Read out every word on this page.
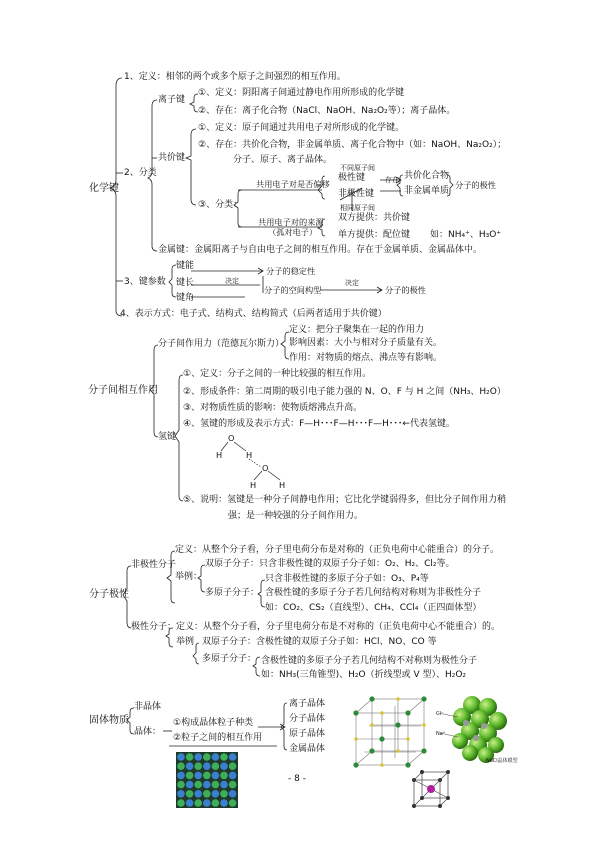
化学键
1、定义：相邻的两个或多个原子之间强烈的相互作用。
2、分类
离子键
①、定义：阴阳离子间通过静电作用所形成的化学键
②、存在：离子化合物（NaCl、NaOH、Na₂O₂等）；离子晶体。
共价键
①、定义：原子间通过共用电子对所形成的化学键。
②、存在：共价化合物，非金属单质、离子化合物中（如：NaOH、Na₂O₂）；
分子、原子、离子晶体。
③、分类：
共用电子对是否偏移
不同原子间
极性键
非极性键
存在 共价化合物
非金属单质
分子的极性
相同原子间
共用电子对的来源
（孤对电子）
双方提供：共价键
单方提供：配位键 如：NH₄⁺、H₃O⁺
金属键：金属阳离子与自由电子之间的相互作用。存在于金属单质、金属晶体中。
3、键参数
键能
键长
键角
决定	决定
分子的稳定性
分子的空间构型	分子的极性
4、表示方式：电子式、结构式、结构简式（后两者适用于共价键）
分子间相互作用
分子间作用力（范德瓦尔斯力）
定义：把分子聚集在一起的作用力
影响因素：大小与相对分子质量有关。
作用：对物质的熔点、沸点等有影响。
氢键
①、定义：分子之间的一种比较强的相互作用。
②、形成条件：第二周期的吸引电子能力强的 N、O、F 与 H 之间（NH₃、H₂O）
③、对物质性质的影响：使物质熔沸点升高。
④、氢键的形成及表示方式：F—H･･･F—H･･･F—H･･･←代表氢键。
⑤、说明：氢键是一种分子间静电作用；它比化学键弱得多，但比分子间作用力稍
强；是一种较强的分子间作用力。
O
H	H
O
H	H
分子极性
非极性分子
定义：从整个分子看，分子里电荷分布是对称的（正负电荷中心能重合）的分子。
举例：
双原子分子：只含非极性键的双原子分子如：O₂、H₂、Cl₂等。
多原子分子：
只含非极性键的多原子分子如：O₃、P₄等
含极性键的多原子分子若几何结构对称则为非极性分子
如：CO₂、CS₂（直线型）、CH₄、CCl₄（正四面体型）
极性分子： 定义：从整个分子看，分子里电荷分布是不对称的（正负电荷中心不能重合）的。
举例 双原子分子：含极性键的双原子分子如：HCl、NO、CO 等
多原子分子： 含极性键的多原子分子若几何结构不对称则为极性分子
如：NH₃(三角锥型)、H₂O（折线型或 V 型）、H₂O₂
固体物质
非晶体
晶体：
①构成晶体粒子种类
②粒子之间的相互作用
离子晶体
分子晶体
原子晶体
金属晶体
Cl⁻
Na⁺
NaCl晶体模型
- 8 -
